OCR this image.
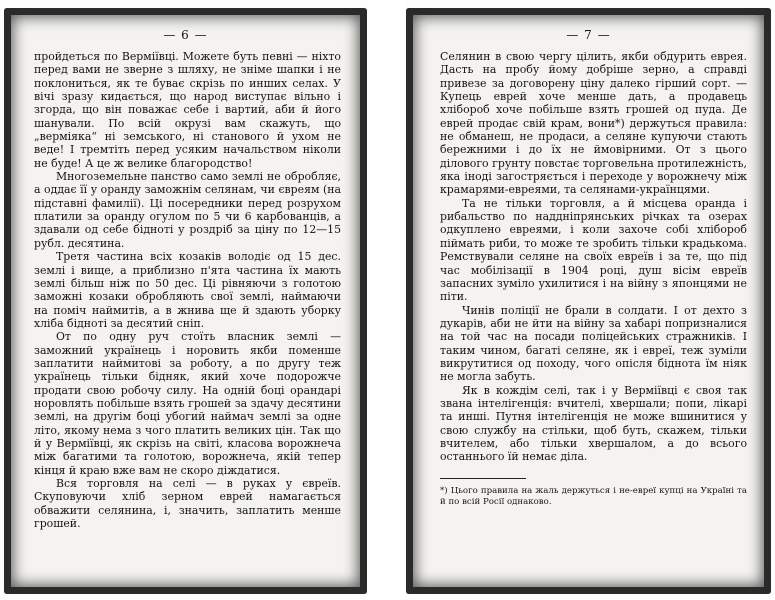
— 6 —

пройдеться по Верміївці. Можете буть певні — ніхто перед вами не зверне з шляху, не зніме шапки і не поклониться, як те буває скрізь по инших селах. У вічі зразу кидається, що народ виступає вільно і згорда, що він поважає себе і вартий, аби й його шанували. По всій окрузі вам скажуть, що „верміяка“ ні земського, ні станового й ухом не веде! І тремтіть перед усяким начальством ніколи не буде! А це ж велике благородство!

Многоземельне панство само землі не обробляє, а оддає її у оранду заможнім селянам, чи євреям (на підставні фамилії). Ці посередники перед розрухом платили за оранду огулом по 5 чи 6 карбованців, а здавали од себе бідноті у роздріб за ціну по 12—15 рубл. десятина.

Третя частина всіх козаків володіє од 15 дес. землі і вище, а приблизно п'ята частина їх мають землі більш ніж по 50 дес. Ці рівняючи з голотою заможні козаки обробляють свої землі, наймаючи на поміч наймитів, а в жнива ще й здають уборку хліба бідноті за десятий сніп.

От по одну руч стоїть власник землі — заможний українець і норовить якби поменше заплатити наймитові за роботу, а по другу теж українець тільки бідняк, який хоче подорожче продати свою робочу силу. На одній боці орандарі норовлять побільше взять грошей за здачу десятини землі, на другім боці убогий наймач землі за одне літо, якому нема з чого платить великих цін. Так що й у Верміївці, як скрізь на світі, класова ворожнеча між багатими та голотою, ворожнеча, якій тепер кінця й краю вже вам не скоро діждатися.

Вся торговля на селі — в руках у євреїв. Скуповуючи хліб зерном еврей намагається обважити селянина, і, значить, заплатить менше грошей.

— 7 —

Селянин в свою чергу цілить, якби обдурить еврея. Дасть на пробу йому добріше зерно, а справді привезе за договорену ціну далеко гірший сорт. — Купець еврей хоче менше дать, а продавець хлібороб хоче побільше взять грошей од пуда. Де еврей продає свій крам, вони*) держуться правила: не обманеш, не продаси, а селяне купуючи стають бережними і до їх не ймовірними. От з цього ділового грунту повстає торговельна протилежність, яка іноді загостряється і переходе у ворожнечу між крамарями-евреями, та селянами-українцями.

Та не тільки торговля, а й місцева оранда і рибальство по наддніпрянських річках та озерах одкуплено евреями, і коли захоче собі хлібороб піймать риби, то може те зробить тільки крадькома. Ремствували селяне на своїх евреїв і за те, що під час мобілізації в 1904 році, душ вісім евреїв запасних зуміло ухилитися і на війну з японцями не піти.

Чинів поліції не брали в солдати. І от дехто з дукарів, аби не йти на війну за хабарі попризналися на той час на посади поліцейських стражників. І таким чином, багаті селяне, як і евреї, теж зуміли викрутитися од походу, чого опісля біднота їм ніяк не могла забуть.

Як в кождім селі, так і у Верміївці є своя так звана інтелігенція: вчителі, хвершали; попи, лікарі та инші. Путня інтелігенція не може вшинитися у свою службу на стільки, щоб буть, скажем, тільки вчителем, або тільки хвершалом, а до всього останнього їй немає діла.

*) Цього правила на жаль держуться і не-евреї купці на Україні та й по всій Росії однаково.
